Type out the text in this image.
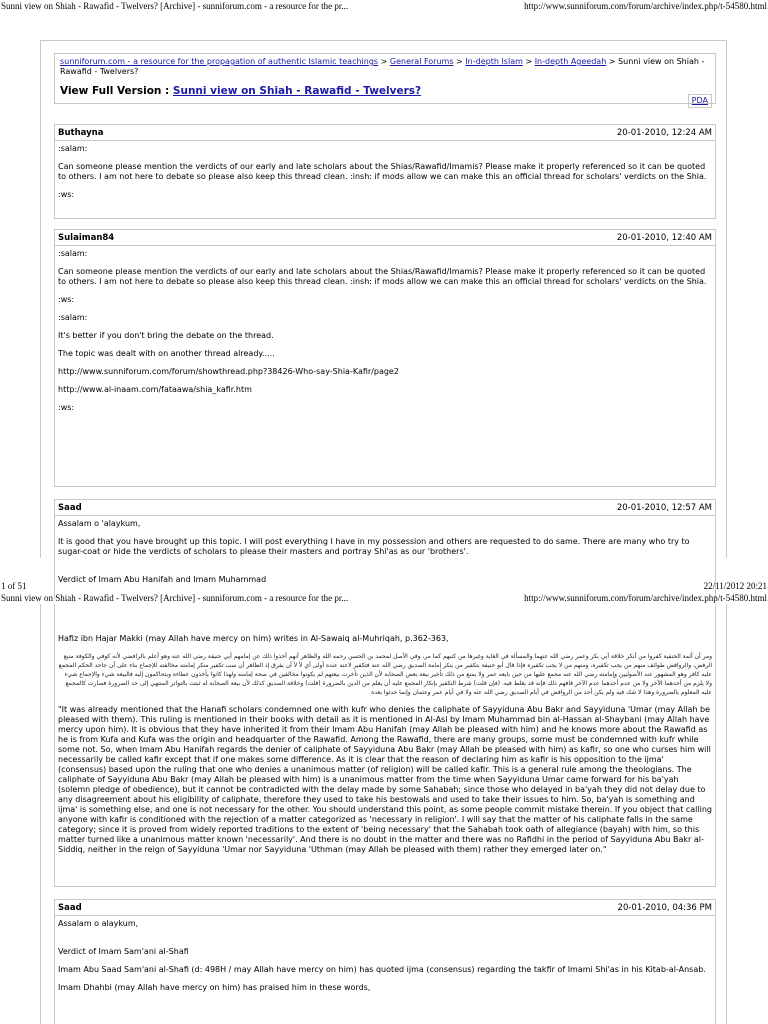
Sunni view on Shiah - Rawafid - Twelvers? [Archive] - sunniforum.com - a resource for the pr...	http://www.sunniforum.com/forum/archive/index.php/t-54580.html
sunniforum.com - a resource for the propagation of authentic Islamic teachings > General Forums > In-depth Islam > In-depth Ageedah > Sunni view on Shiah - Rawafid - Twelvers?
View Full Version : Sunni view on Shiah - Rawafid - Twelvers?
PDA
Buthayna	20-01-2010, 12:24 AM

:salam:

Can someone please mention the verdicts of our early and late scholars about the Shias/Rawafid/Imamis? Please make it properly referenced so it can be quoted to others. I am not here to debate so please also keep this thread clean. :insh: if mods allow we can make this an official thread for scholars' verdicts on the Shia.

:ws:

Sulaiman84	20-01-2010, 12:40 AM

:salam:

Can someone please mention the verdicts of our early and late scholars about the Shias/Rawafid/Imamis? Please make it properly referenced so it can be quoted to others. I am not here to debate so please also keep this thread clean. :insh: if mods allow we can make this an official thread for scholars' verdicts on the Shia.

:ws:

:salam:

It's better if you don't bring the debate on the thread.

The topic was dealt with on another thread already.....

http://www.sunniforum.com/forum/showthread.php?38426-Who-say-Shia-Kafir/page2

http://www.al-inaam.com/fataawa/shia_kafir.htm

:ws:

Saad	20-01-2010, 12:57 AM

Assalam o 'alaykum,

It is good that you have brought up this topic. I will post everything I have in my possession and others are requested to do same. There are many who try to sugar-coat or hide the verdicts of scholars to please their masters and portray Shi'as as our 'brothers'.

Verdict of Imam Abu Hanifah and Imam Muhammad

1 of 51	22/11/2012 20:21
Sunni view on Shiah - Rawafid - Twelvers? [Archive] - sunniforum.com - a resource for the pr...	http://www.sunniforum.com/forum/archive/index.php/t-54580.html

Hafiz ibn Hajar Makki (may Allah have mercy on him) writes in Al-Sawaiq al-Muhriqah, p.362-363,

ومر أن أئمة الحنفية كفروا من أنكر خلافة أبي بكر وعمر رضي الله عنهما والمسألة في الغاية وغيرها من كتبهم كما مر، وفي الأصل لمحمد بن الحسن رحمه الله والظاهر أنهم أخذوا ذلك عن إمامهم أبي حنيفة رضي الله عنه وهو أعلم بالرافضي لأنه كوفي والكوفة منبع الرفض، والروافض طوائف منهم من يجب تكفيره، ومنهم من لا يجب تكفيره فإذا قال أبو حنيفة بتكفير من ينكر إمامة الصديق رضي الله عنه فتكفير لاعنه عنده أولى أي لأ لأ أن يفرق إذ الظاهر أن سب تكفير منكر إمامته مخالفته للإجماع بناء على أن جاحد الحكم المجمع عليه كافر وهو المشهور عند الأصوليين وإمامته رضي الله عنه مجمع عليها من حين بايعه عمر ولا يمنع من ذلك تأخير بيعة بعض الصحابة لأن الذين تأخرت بيعتهم لم يكونوا مخالفين في صحة إمامته ولهذا كانوا يأخذون عطاءه ويتحاكمون إليه فالبيعة شيء والإجماع شيء ولا يلزم من أحدهما الآخر ولا من عدم أحدهما عدم الآخر فافهم ذلك فإنه قد يغلط فيه. (فإن قلت) شرط التكفير بإنكار المجمع عليه أن يعلم من الدين بالضرورة (قلت) وخلافة الصديق كذلك لأن بيعة الصحابة له ثبتت بالتواتر المنتهي إلى حد الضرورة فصارت كالمجمع عليه المعلوم بالضرورة وهذا لا شك فيه ولم يكن أحد من الروافض في أيام الصديق رضي الله عنه ولا في أيام عمر وعثمان وإنما حدثوا بعده

"It was already mentioned that the Hanafi scholars condemned one with kufr who denies the caliphate of Sayyiduna Abu Bakr and Sayyiduna 'Umar (may Allah be pleased with them). This ruling is mentioned in their books with detail as it is mentioned in Al-Asl by Imam Muhammad bin al-Hassan al-Shaybani (may Allah have mercy upon him). It is obvious that they have inherited it from their Imam Abu Hanifah (may Allah be pleased with him) and he knows more about the Rawafid as he is from Kufa and Kufa was the origin and headquarter of the Rawafid. Among the Rawafid, there are many groups, some must be condemned with kufr while some not. So, when Imam Abu Hanifah regards the denier of caliphate of Sayyiduna Abu Bakr (may Allah be pleased with him) as kafir, so one who curses him will necessarily be called kafir except that if one makes some difference. As it is clear that the reason of declaring him as kafir is his opposition to the ijma' (consensus) based upon the ruling that one who denies a unanimous matter (of religion) will be called kafir. This is a general rule among the theologians. The caliphate of Sayyiduna Abu Bakr (may Allah be pleased with him) is a unanimous matter from the time when Sayyiduna Umar came forward for his ba'yah (solemn pledge of obedience), but it cannot be contradicted with the delay made by some Sahabah; since those who delayed in ba'yah they did not delay due to any disagreement about his eligibility of caliphate, therefore they used to take his bestowals and used to take their issues to him. So, ba'yah is something and ijma' is something else, and one is not necessary for the other. You should understand this point, as some people commit mistake therein. If you object that calling anyone with kafir is conditioned with the rejection of a matter categorized as 'necessary in religion'. I will say that the matter of his caliphate falls in the same category; since it is proved from widely reported traditions to the extent of 'being necessary' that the Sahabah took oath of allegiance (bayah) with him, so this matter turned like a unanimous matter known 'necessarily'. And there is no doubt in the matter and there was no Rafidhi in the period of Sayyiduna Abu Bakr al-Siddiq, neither in the reign of Sayyiduna 'Umar nor Sayyiduna 'Uthman (may Allah be pleased with them) rather they emerged later on."

Saad	20-01-2010, 04:36 PM

Assalam o alaykum,

Verdict of Imam Sam'ani al-Shafi

Imam Abu Saad Sam'ani al-Shafi (d: 498H / may Allah have mercy on him) has quoted ijma (consensus) regarding the takfir of Imami Shi'as in his Kitab-al-Ansab.

Imam Dhahbi (may Allah have mercy on him) has praised him in these words,
